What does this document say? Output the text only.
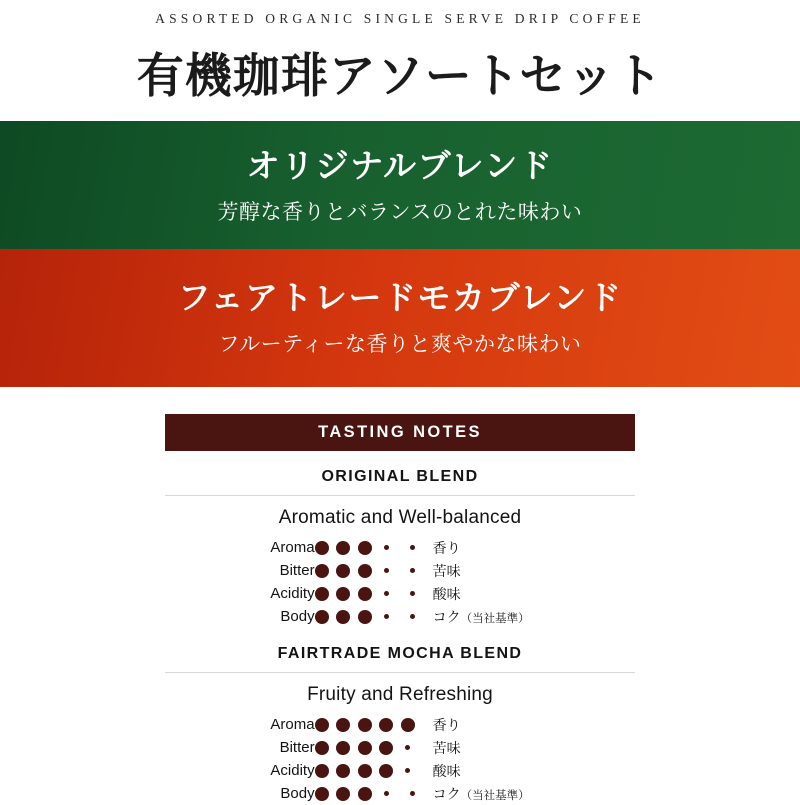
ASSORTED ORGANIC SINGLE SERVE DRIP COFFEE
有機珈琲アソートセット
オリジナルブレンド
芳醇な香りとバランスのとれた味わい
フェアトレードモカブレンド
フルーティーな香りと爽やかな味わい
TASTING NOTES
ORIGINAL BLEND
Aromatic and Well-balanced
Aroma		香り
Bitter		苦味
Acidity		酸味
Body		コク（当社基準）
FAIRTRADE MOCHA BLEND
Fruity and Refreshing
Aroma		香り
Bitter		苦味
Acidity		酸味
Body		コク（当社基準）
